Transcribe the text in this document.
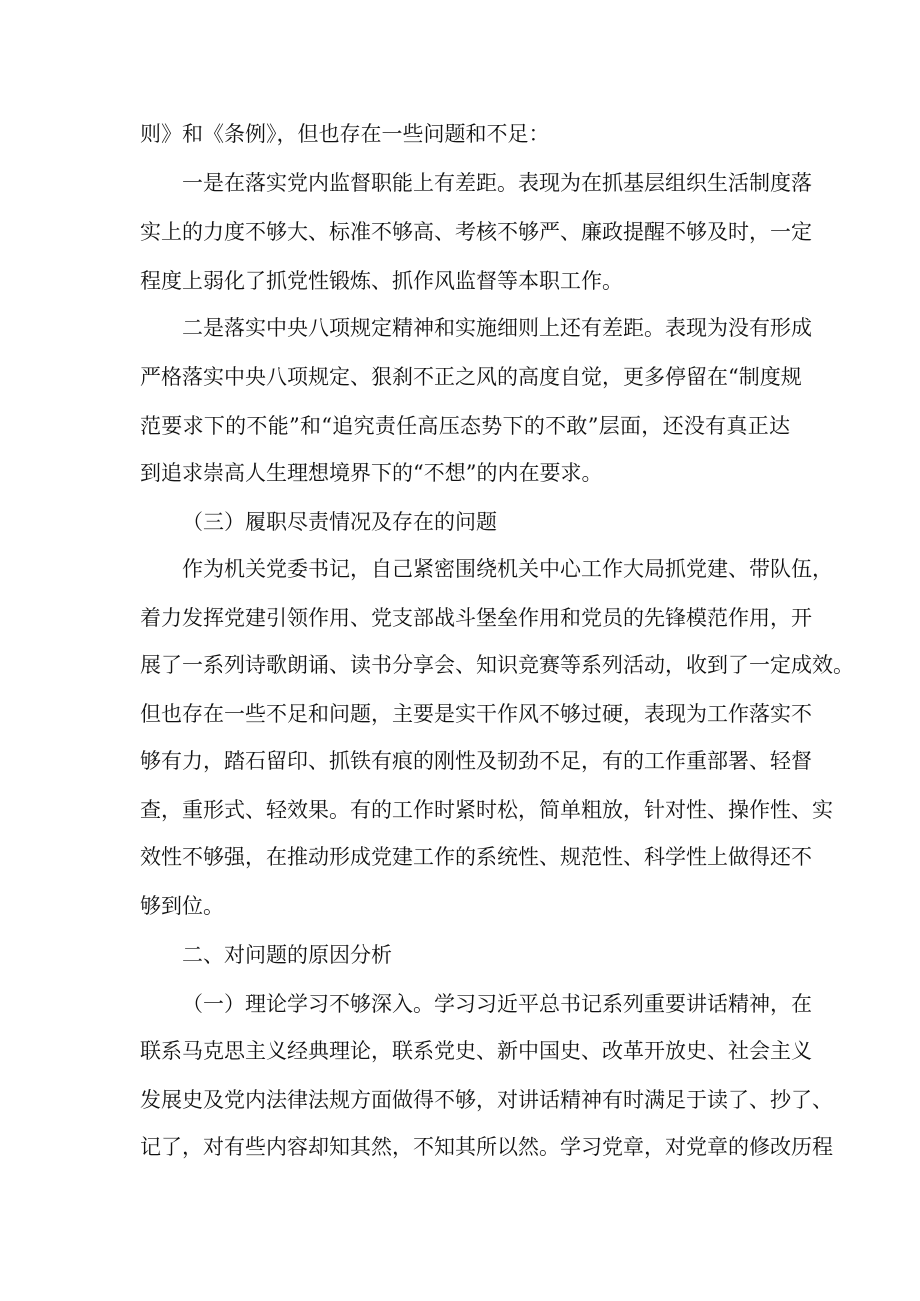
则》和《条例》，但也存在一些问题和不足：
一是在落实党内监督职能上有差距。表现为在抓基层组织生活制度落
实上的力度不够大、标准不够高、考核不够严、廉政提醒不够及时，一定
程度上弱化了抓党性锻炼、抓作风监督等本职工作。
二是落实中央八项规定精神和实施细则上还有差距。表现为没有形成
严格落实中央八项规定、狠刹不正之风的高度自觉，更多停留在“制度规
范要求下的不能”和“追究责任高压态势下的不敢”层面，还没有真正达
到追求崇高人生理想境界下的“不想”的内在要求。
（三）履职尽责情况及存在的问题
作为机关党委书记，自己紧密围绕机关中心工作大局抓党建、带队伍，
着力发挥党建引领作用、党支部战斗堡垒作用和党员的先锋模范作用，开
展了一系列诗歌朗诵、读书分享会、知识竞赛等系列活动，收到了一定成效。
但也存在一些不足和问题，主要是实干作风不够过硬，表现为工作落实不
够有力，踏石留印、抓铁有痕的刚性及韧劲不足，有的工作重部署、轻督
查，重形式、轻效果。有的工作时紧时松，简单粗放，针对性、操作性、实
效性不够强，在推动形成党建工作的系统性、规范性、科学性上做得还不
够到位。
二、对问题的原因分析
（一）理论学习不够深入。学习习近平总书记系列重要讲话精神，在
联系马克思主义经典理论，联系党史、新中国史、改革开放史、社会主义
发展史及党内法律法规方面做得不够，对讲话精神有时满足于读了、抄了、
记了，对有些内容却知其然，不知其所以然。学习党章，对党章的修改历程
